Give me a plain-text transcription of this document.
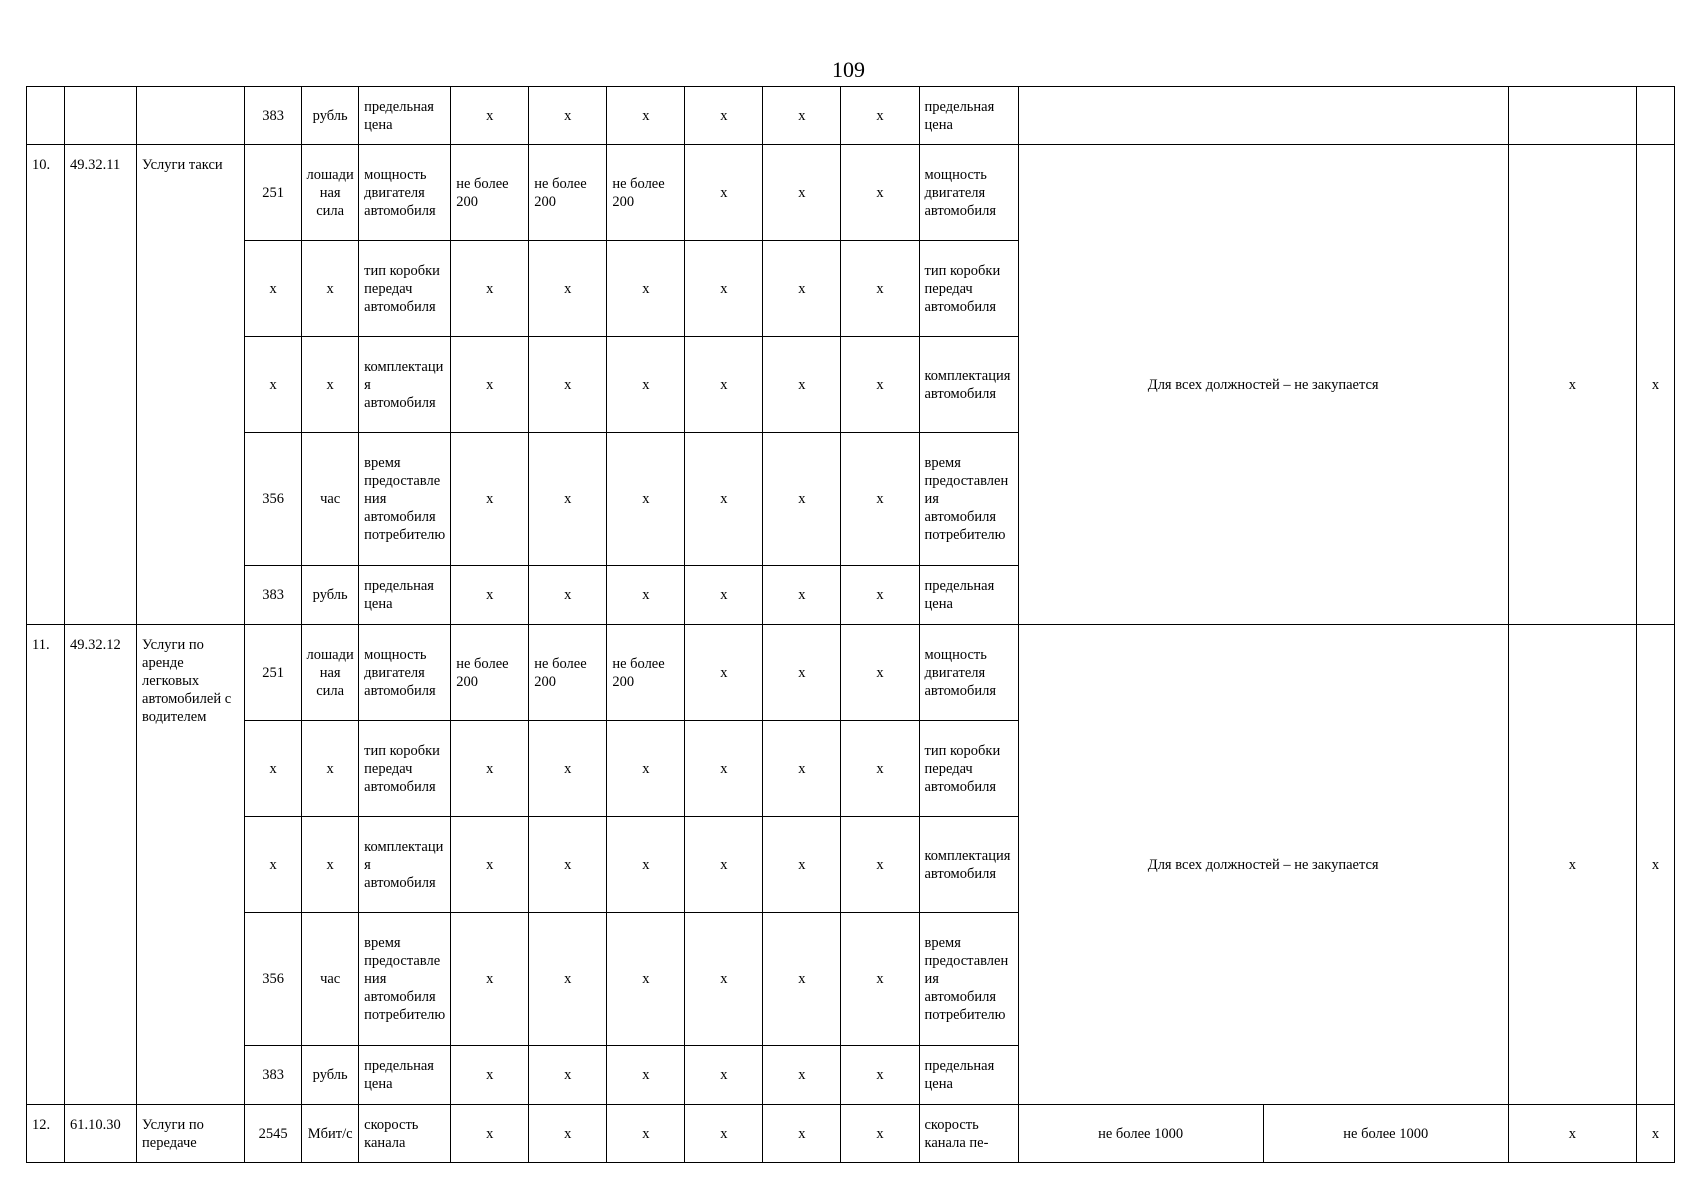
109
			383	рубль	предельная цена	x	x	x	x	x	x	предельная цена				
10.	49.32.11	Услуги такси	251	лошадиная сила	мощность двигателя автомобиля	не более 200	не более 200	не более 200	x	x	x	мощность двигателя автомобиля	Для всех должностей – не закупается		x	x
			x	x	тип коробки передач автомобиля	x	x	x	x	x	x	тип коробки передач автомобиля				
			x	x	комплектация автомобиля	x	x	x	x	x	x	комплектация автомобиля				
			356	час	время предоставления автомобиля потребителю	x	x	x	x	x	x	время предоставления автомобиля потребителю				
			383	рубль	предельная цена	x	x	x	x	x	x	предельная цена				
11.	49.32.12	Услуги по аренде легковых автомобилей с водителем	251	лошадиная сила	мощность двигателя автомобиля	не более 200	не более 200	не более 200	x	x	x	мощность двигателя автомобиля	Для всех должностей – не закупается		x	x
			x	x	тип коробки передач автомобиля	x	x	x	x	x	x	тип коробки передач автомобиля				
			x	x	комплектация автомобиля	x	x	x	x	x	x	комплектация автомобиля				
			356	час	время предоставления автомобиля потребителю	x	x	x	x	x	x	время предоставления автомобиля потребителю				
			383	рубль	предельная цена	x	x	x	x	x	x	предельная цена				
12.	61.10.30	Услуги по передаче	2545	Мбит/с	скорость канала	x	x	x	x	x	x	скорость канала пе-	не более 1000	не более 1000	x	x
